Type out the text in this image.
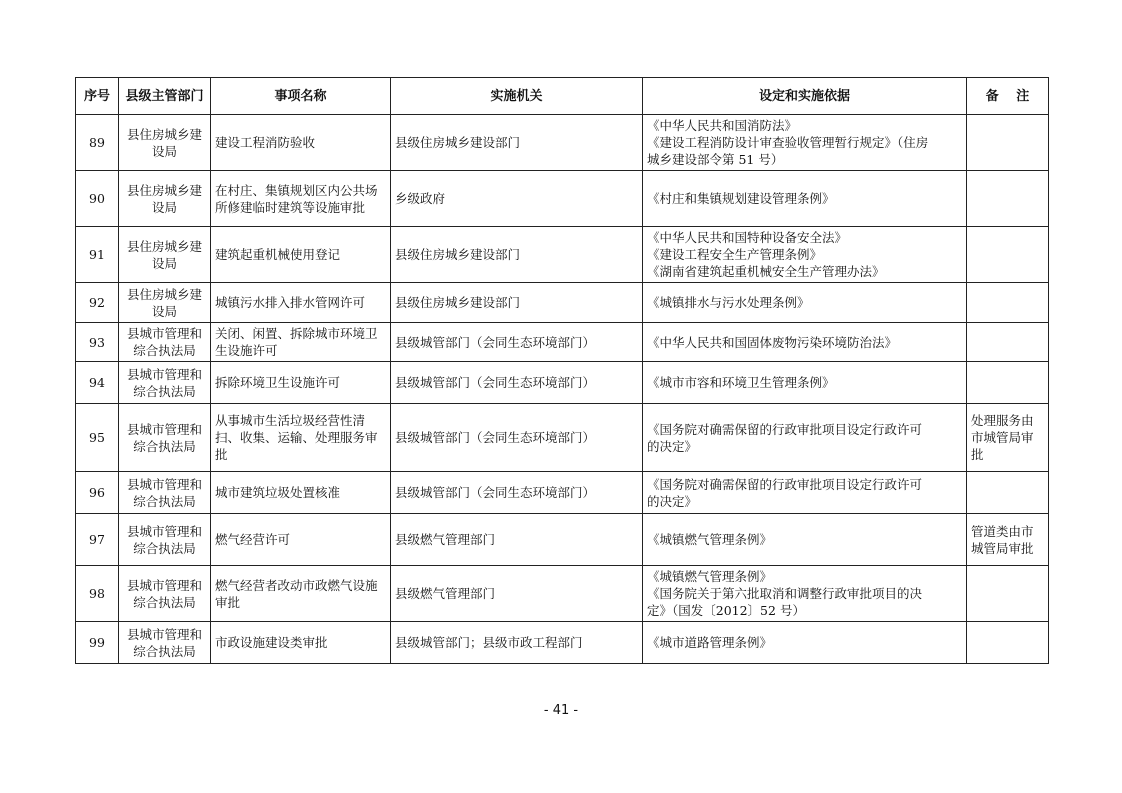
序号	县级主管部门	事项名称	实施机关	设定和实施依据	备　 注
89	县住房城乡建设局	建设工程消防验收	县级住房城乡建设部门	《中华人民共和国消防法》
《建设工程消防设计审查验收管理暂行规定》（住房
城乡建设部令第 51 号）	

90	县住房城乡建设局	在村庄、集镇规划区内公共场所修建临时建筑等设施审批	乡级政府	《村庄和集镇规划建设管理条例》	

91	县住房城乡建设局	建筑起重机械使用登记	县级住房城乡建设部门	《中华人民共和国特种设备安全法》
《建设工程安全生产管理条例》
《湖南省建筑起重机械安全生产管理办法》	

92	县住房城乡建设局	城镇污水排入排水管网许可	县级住房城乡建设部门	《城镇排水与污水处理条例》	

93	县城市管理和综合执法局	关闭、闲置、拆除城市环境卫生设施许可	县级城管部门（会同生态环境部门）	《中华人民共和国固体废物污染环境防治法》	

94	县城市管理和综合执法局	拆除环境卫生设施许可	县级城管部门（会同生态环境部门）	《城市市容和环境卫生管理条例》	

95	县城市管理和综合执法局	从事城市生活垃圾经营性清扫、收集、运输、处理服务审批	县级城管部门（会同生态环境部门）	《国务院对确需保留的行政审批项目设定行政许可
的决定》	处理服务由市城管局审批
96	县城市管理和综合执法局	城市建筑垃圾处置核准	县级城管部门（会同生态环境部门）	《国务院对确需保留的行政审批项目设定行政许可
的决定》	

97	县城市管理和综合执法局	燃气经营许可	县级燃气管理部门	《城镇燃气管理条例》	管道类由市城管局审批
98	县城市管理和综合执法局	燃气经营者改动市政燃气设施审批	县级燃气管理部门	《城镇燃气管理条例》
《国务院关于第六批取消和调整行政审批项目的决
定》（国发〔2012〕52 号）	

99	县城市管理和综合执法局	市政设施建设类审批	县级城管部门；县级市政工程部门	《城市道路管理条例》	

- 41 -
